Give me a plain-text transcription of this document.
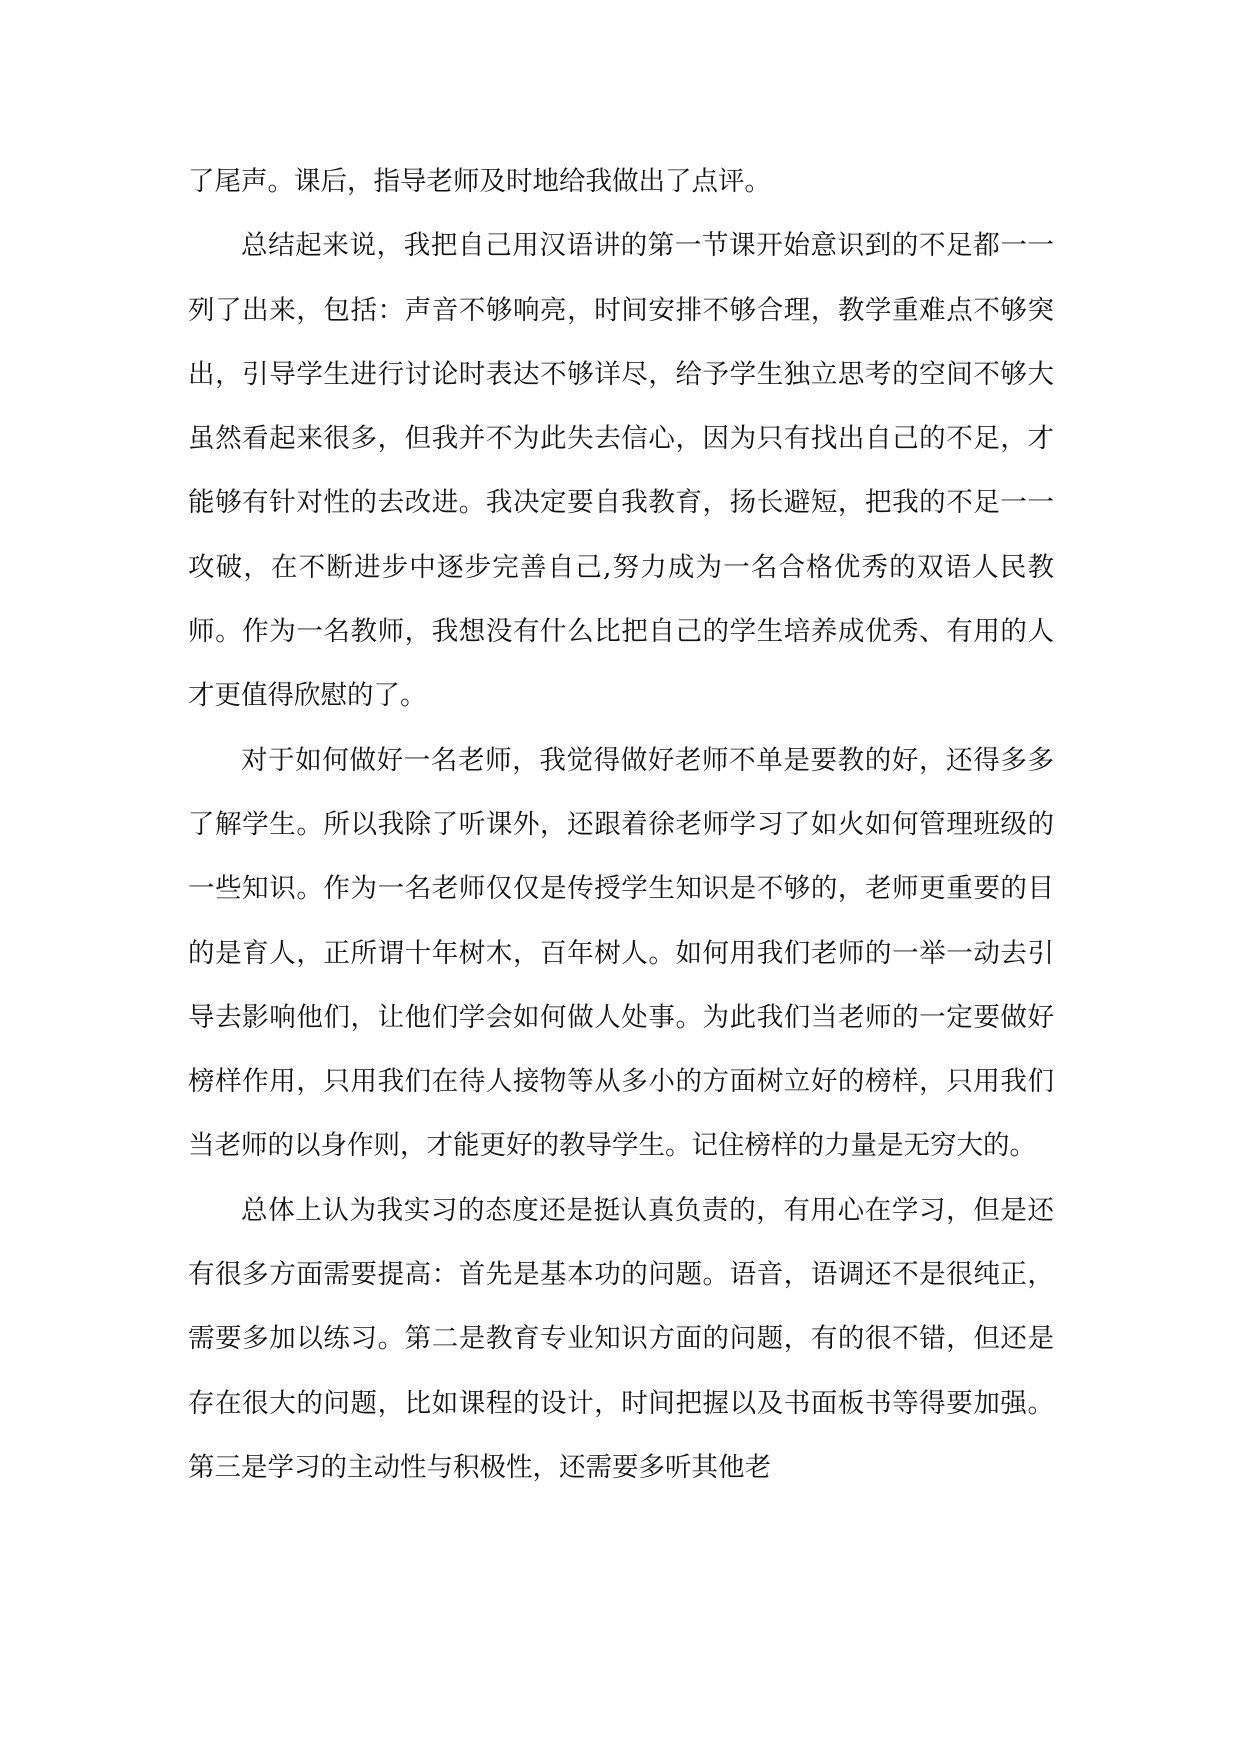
了尾声。课后，指导老师及时地给我做出了点评。

总结起来说，我把自己用汉语讲的第一节课开始意识到的不足都一一列了出来，包括：声音不够响亮，时间安排不够合理，教学重难点不够突出，引导学生进行讨论时表达不够详尽，给予学生独立思考的空间不够大虽然看起来很多，但我并不为此失去信心，因为只有找出自己的不足，才能够有针对性的去改进。我决定要自我教育，扬长避短，把我的不足一一攻破，在不断进步中逐步完善自己,努力成为一名合格优秀的双语人民教师。作为一名教师，我想没有什么比把自己的学生培养成优秀、有用的人才更值得欣慰的了。

对于如何做好一名老师，我觉得做好老师不单是要教的好，还得多多了解学生。所以我除了听课外，还跟着徐老师学习了如火如何管理班级的一些知识。作为一名老师仅仅是传授学生知识是不够的，老师更重要的目的是育人，正所谓十年树木，百年树人。如何用我们老师的一举一动去引导去影响他们，让他们学会如何做人处事。为此我们当老师的一定要做好榜样作用，只用我们在待人接物等从多小的方面树立好的榜样，只用我们当老师的以身作则，才能更好的教导学生。记住榜样的力量是无穷大的。

总体上认为我实习的态度还是挺认真负责的，有用心在学习，但是还有很多方面需要提高：首先是基本功的问题。语音，语调还不是很纯正，需要多加以练习。第二是教育专业知识方面的问题，有的很不错，但还是存在很大的问题，比如课程的设计，时间把握以及书面板书等得要加强。第三是学习的主动性与积极性，还需要多听其他老
